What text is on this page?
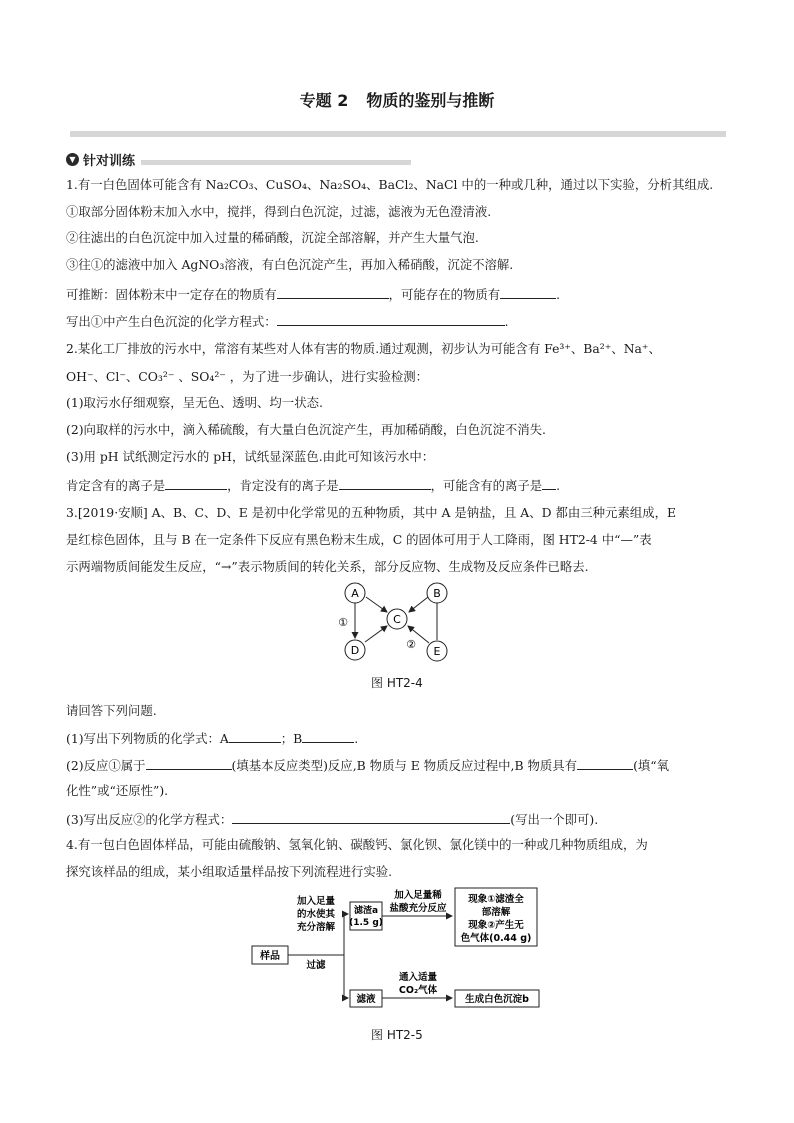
专题 2 物质的鉴别与推断
▼ 针对训练
1.有一白色固体可能含有 Na₂CO₃、CuSO₄、Na₂SO₄、BaCl₂、NaCl 中的一种或几种，通过以下实验，分析其组成.
①取部分固体粉末加入水中，搅拌，得到白色沉淀，过滤，滤液为无色澄清液.
②往滤出的白色沉淀中加入过量的稀硝酸，沉淀全部溶解，并产生大量气泡.
③往①的滤液中加入 AgNO₃溶液，有白色沉淀产生，再加入稀硝酸，沉淀不溶解.
可推断：固体粉末中一定存在的物质有	，可能存在的物质有	.
写出①中产生白色沉淀的化学方程式：	.
2.某化工厂排放的污水中，常溶有某些对人体有害的物质.通过观测，初步认为可能含有 Fe³⁺、Ba²⁺、Na⁺、
OH⁻、Cl⁻、CO₃²⁻ 、SO₄²⁻ ，为了进一步确认，进行实验检测：
(1)取污水仔细观察，呈无色、透明、均一状态.
(2)向取样的污水中，滴入稀硫酸，有大量白色沉淀产生，再加稀硝酸，白色沉淀不消失.
(3)用 pH 试纸测定污水的 pH，试纸显深蓝色.由此可知该污水中：
肯定含有的离子是	，肯定没有的离子是	，可能含有的离子是 .
3.[2019·安顺] A、B、C、D、E 是初中化学常见的五种物质，其中 A 是钠盐，且 A、D 都由三种元素组成，E
是红棕色固体，且与 B 在一定条件下反应有黑色粉末生成，C 的固体可用于人工降雨，图 HT2-4 中“—”表
示两端物质间能发生反应，“→”表示物质间的转化关系，部分反应物、生成物及反应条件已略去.
A	B
C
D	E
①
②
图 HT2-4
请回答下列问题.
(1)写出下列物质的化学式：A	；B	.
(2)反应①属于	(填基本反应类型)反应,B 物质与 E 物质反应过程中,B 物质具有	(填“氧
化性”或“还原性”).
(3)写出反应②的化学方程式：	(写出一个即可).
4.有一包白色固体样品，可能由硫酸钠、氢氧化钠、碳酸钙、氯化钡、氯化镁中的一种或几种物质组成，为
探究该样品的组成，某小组取适量样品按下列流程进行实验.
样品
加入足量
的水使其
充分溶解
过滤
滤渣a
(1.5 g)
加入足量稀
盐酸充分反应
现象①滤渣全
部溶解
现象②产生无
色气体(0.44 g)
滤液
通入适量
CO₂气体
生成白色沉淀b
图 HT2-5
